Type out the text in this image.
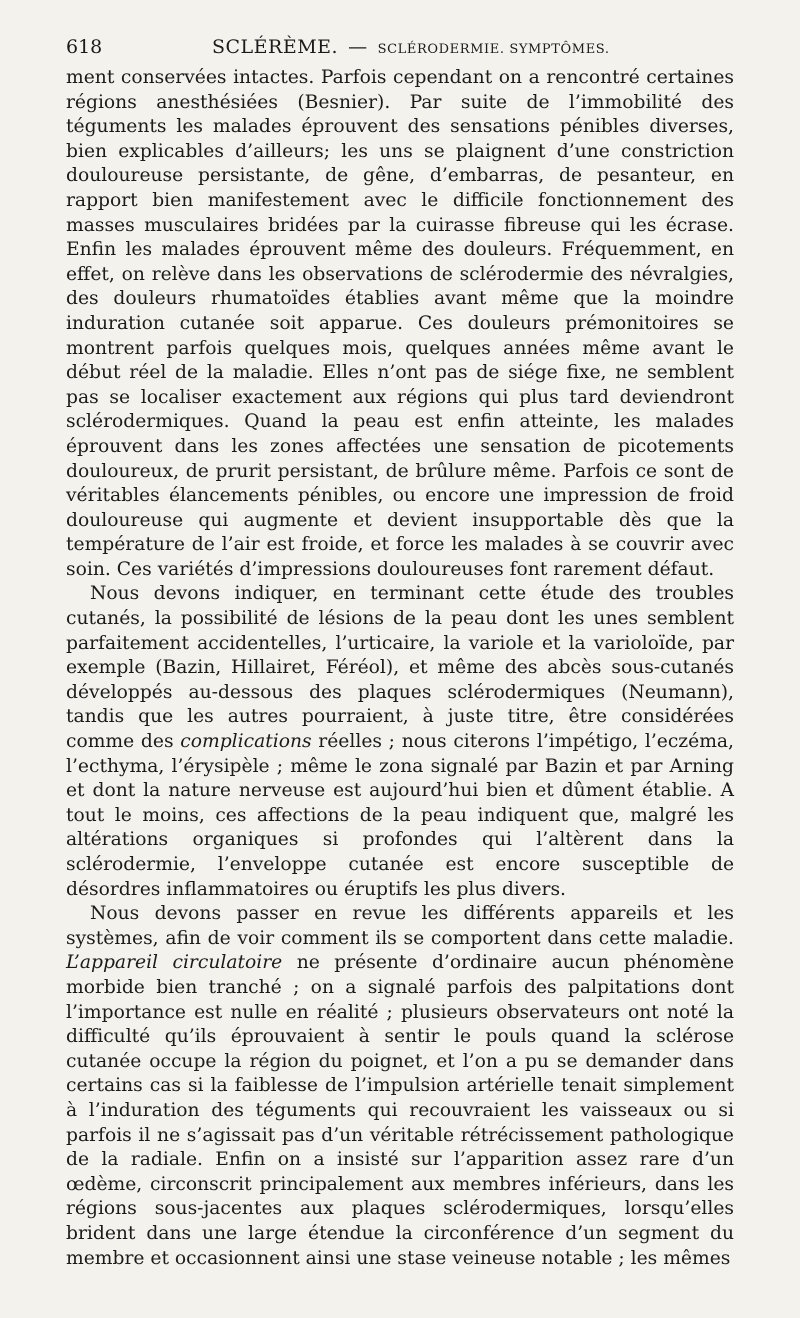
618	SCLÉRÈME. — SCLÉRODERMIE. SYMPTÔMES.

ment conservées intactes. Parfois cependant on a rencontré certaines régions anesthésiées (Besnier). Par suite de l’immobilité des téguments les malades éprouvent des sensations pénibles diverses, bien explicables d’ailleurs; les uns se plaignent d’une constriction douloureuse persistante, de gêne, d’embarras, de pesanteur, en rapport bien manifestement avec le difficile fonctionnement des masses musculaires bridées par la cuirasse fibreuse qui les écrase. Enfin les malades éprouvent même des douleurs. Fréquemment, en effet, on relève dans les observations de sclérodermie des névralgies, des douleurs rhumatoïdes établies avant même que la moindre induration cutanée soit apparue. Ces douleurs prémonitoires se montrent parfois quelques mois, quelques années même avant le début réel de la maladie. Elles n’ont pas de siége fixe, ne semblent pas se localiser exactement aux régions qui plus tard deviendront sclérodermiques. Quand la peau est enfin atteinte, les malades éprouvent dans les zones affectées une sensation de picotements douloureux, de prurit persistant, de brûlure même. Parfois ce sont de véritables élancements pénibles, ou encore une impression de froid douloureuse qui augmente et devient insupportable dès que la température de l’air est froide, et force les malades à se couvrir avec soin. Ces variétés d’impressions douloureuses font rarement défaut.

Nous devons indiquer, en terminant cette étude des troubles cutanés, la possibilité de lésions de la peau dont les unes semblent parfaitement accidentelles, l’urticaire, la variole et la varioloïde, par exemple (Bazin, Hillairet, Féréol), et même des abcès sous-cutanés développés au-dessous des plaques sclérodermiques (Neumann), tandis que les autres pourraient, à juste titre, être considérées comme des complications réelles ; nous citerons l’impétigo, l’eczéma, l’ecthyma, l’érysipèle ; même le zona signalé par Bazin et par Arning et dont la nature nerveuse est aujourd’hui bien et dûment établie. A tout le moins, ces affections de la peau indiquent que, malgré les altérations organiques si profondes qui l’altèrent dans la sclérodermie, l’enveloppe cutanée est encore susceptible de désordres inflammatoires ou éruptifs les plus divers.

Nous devons passer en revue les différents appareils et les systèmes, afin de voir comment ils se comportent dans cette maladie. L’appareil circulatoire ne présente d’ordinaire aucun phénomène morbide bien tranché ; on a signalé parfois des palpitations dont l’importance est nulle en réalité ; plusieurs observateurs ont noté la difficulté qu’ils éprouvaient à sentir le pouls quand la sclérose cutanée occupe la région du poignet, et l’on a pu se demander dans certains cas si la faiblesse de l’impulsion artérielle tenait simplement à l’induration des téguments qui recouvraient les vaisseaux ou si parfois il ne s’agissait pas d’un véritable rétrécissement pathologique de la radiale. Enfin on a insisté sur l’apparition assez rare d’un œdème, circonscrit principalement aux membres inférieurs, dans les régions sous-jacentes aux plaques sclérodermiques, lorsqu’elles brident dans une large étendue la circonférence d’un segment du membre et occasionnent ainsi une stase veineuse notable ; les mêmes
